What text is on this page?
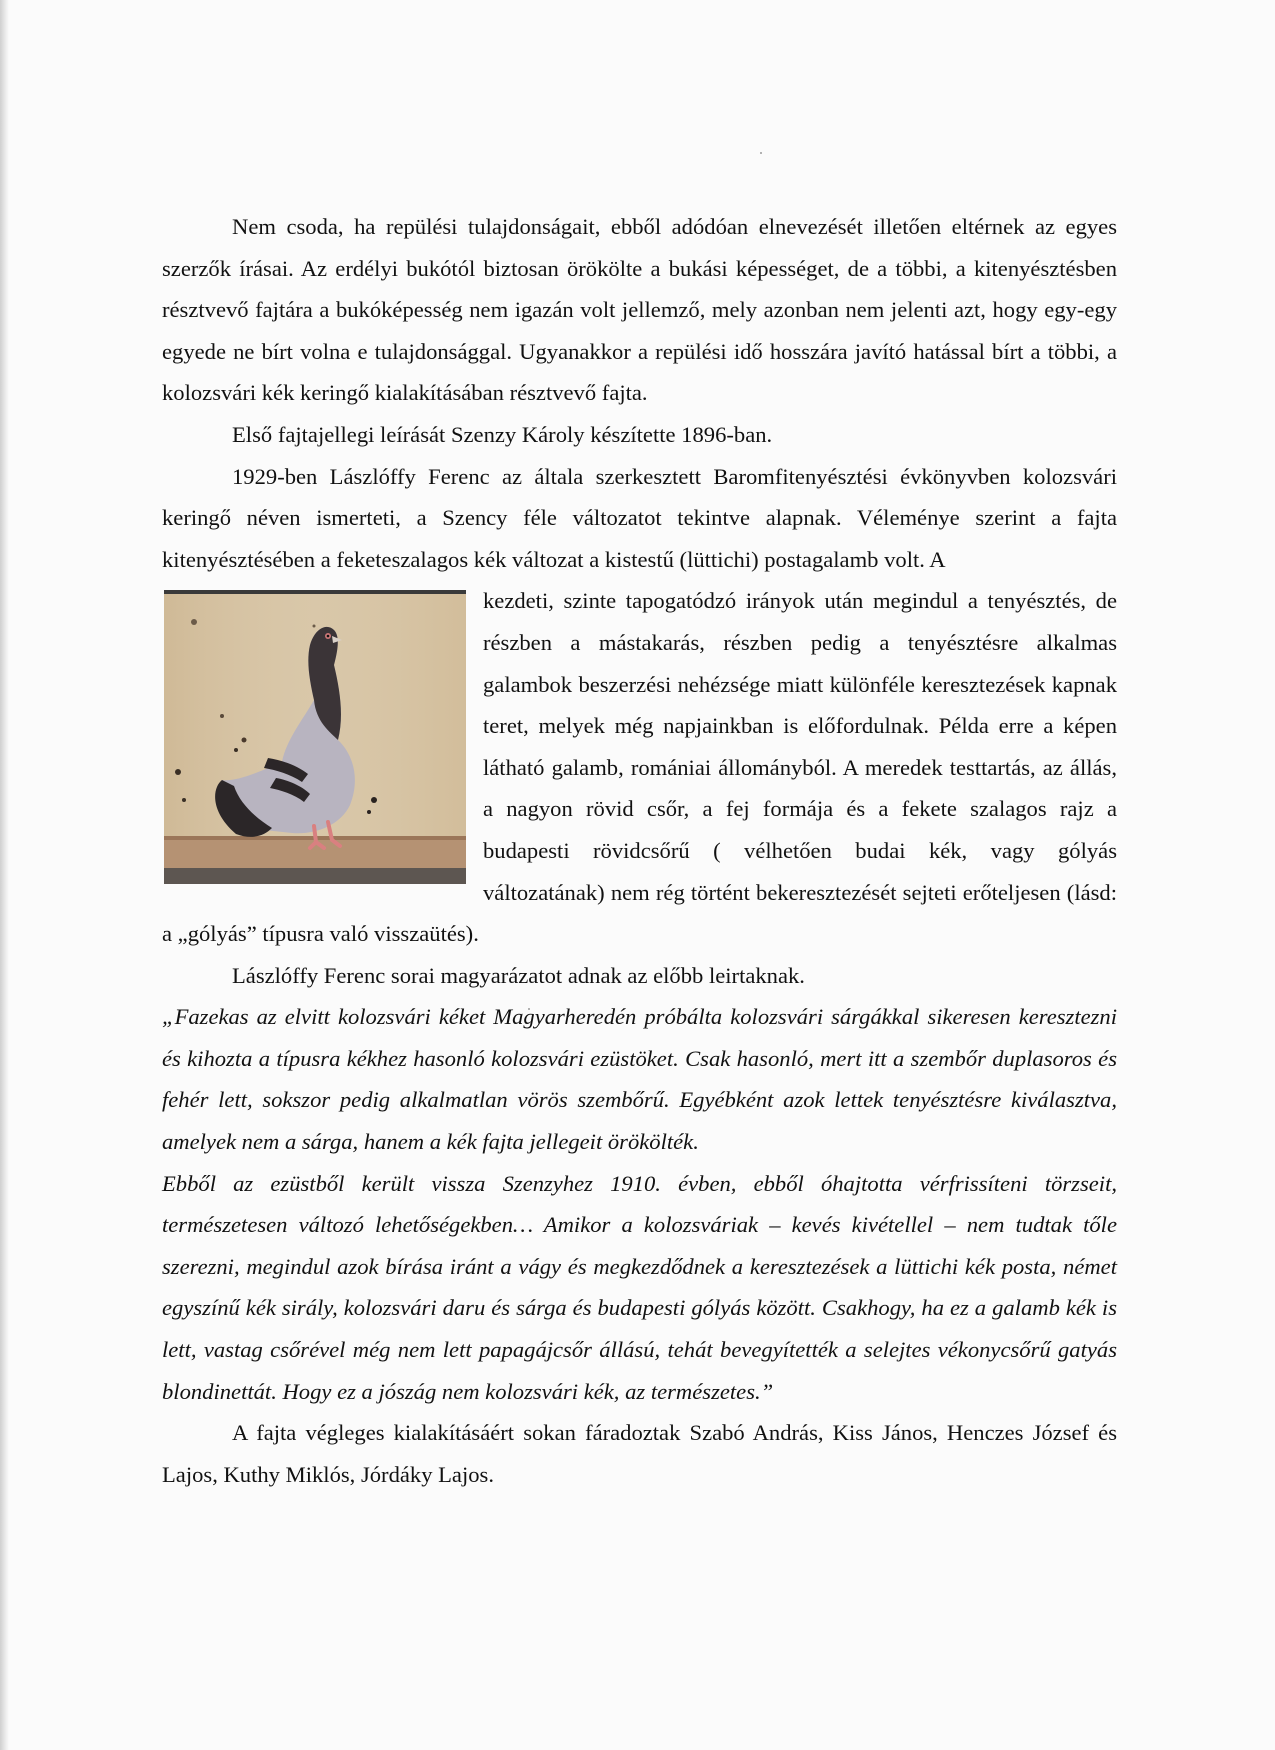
Nem csoda, ha repülési tulajdonságait, ebből adódóan elnevezését illetően eltérnek az egyes szerzők írásai. Az erdélyi bukótól biztosan örökölte a bukási képességet, de a többi, a kitenyésztésben résztvevő fajtára a bukóképesség nem igazán volt jellemző, mely azonban nem jelenti azt, hogy egy-egy egyede ne bírt volna e tulajdonsággal. Ugyanakkor a repülési idő hosszára javító hatással bírt a többi, a kolozsvári kék keringő kialakításában résztvevő fajta.

Első fajtajellegi leírását Szenzy Károly készítette 1896-ban.

1929-ben Lászlóffy Ferenc az általa szerkesztett Baromfitenyésztési évkönyvben kolozsvári keringő néven ismerteti, a Szency féle változatot tekintve alapnak. Véleménye szerint a fajta kitenyésztésében a feketeszalagos kék változat a kistestű (lüttichi) postagalamb volt. A

kezdeti, szinte tapogatódzó irányok után megindul a tenyésztés, de részben a mástakarás, részben pedig a tenyésztésre alkalmas galambok beszerzési nehézsége miatt különféle keresztezések kapnak teret, melyek még napjainkban is előfordulnak. Példa erre a képen látható galamb, romániai állományból. A meredek testtartás, az állás, a nagyon rövid csőr, a fej formája és a fekete szalagos rajz a budapesti rövidcsőrű ( vélhetően budai kék, vagy gólyás változatának) nem rég történt bekeresztezését sejteti erőteljesen (lásd: a „gólyás” típusra való visszaütés).

Lászlóffy Ferenc sorai magyarázatot adnak az előbb leirtaknak.

„Fazekas az elvitt kolozsvári kéket Magyarheredén próbálta kolozsvári sárgákkal sikeresen keresztezni és kihozta a típusra kékhez hasonló kolozsvári ezüstöket. Csak hasonló, mert itt a szembőr duplasoros és fehér lett, sokszor pedig alkalmatlan vörös szembőrű. Egyébként azok lettek tenyésztésre kiválasztva, amelyek nem a sárga, hanem a kék fajta jellegeit örökölték.

Ebből az ezüstből került vissza Szenzyhez 1910. évben, ebből óhajtotta vérfrissíteni törzseit, természetesen változó lehetőségekben… Amikor a kolozsváriak – kevés kivétellel – nem tudtak tőle szerezni, megindul azok bírása iránt a vágy és megkezdődnek a keresztezések a lüttichi kék posta, német egyszínű kék sirály, kolozsvári daru és sárga és budapesti gólyás között. Csakhogy, ha ez a galamb kék is lett, vastag csőrével még nem lett papagájcsőr állású, tehát bevegyítették a selejtes vékonycsőrű gatyás blondinettát. Hogy ez a jószág nem kolozsvári kék, az természetes.”

A fajta végleges kialakításáért sokan fáradoztak Szabó András, Kiss János, Henczes József és Lajos, Kuthy Miklós, Jórdáky Lajos.
